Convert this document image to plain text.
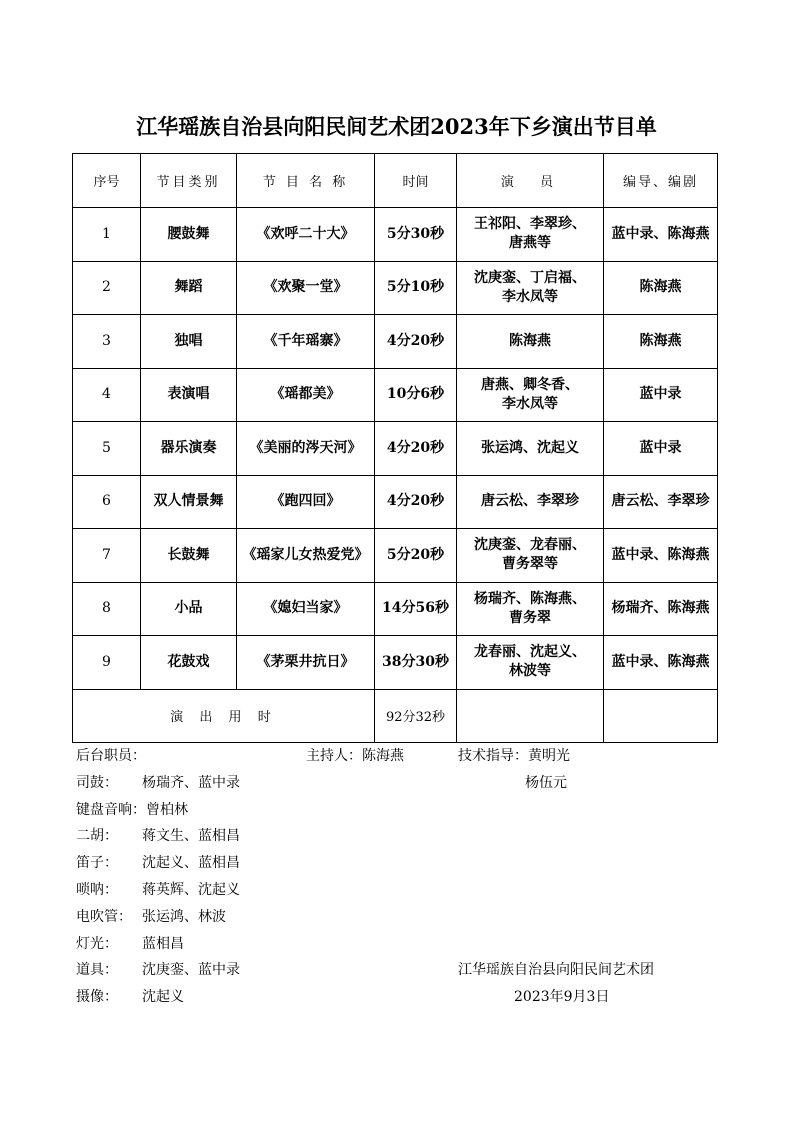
江华瑶族自治县向阳民间艺术团2023年下乡演出节目单
序号	节目类别	节 目 名 称	时间	演  员	编导、编剧
1	腰鼓舞	《欢呼二十大》	5分30秒	王祁阳、李翠珍、
唐燕等	蓝中录、陈海燕
2	舞蹈	《欢聚一堂》	5分10秒	沈庚銮、丁启福、
李水凤等	陈海燕
3	独唱	《千年瑶寨》	4分20秒	陈海燕	陈海燕
4	表演唱	《瑶都美》	10分6秒	唐燕、卿冬香、
李水凤等	蓝中录
5	器乐演奏	《美丽的涔天河》	4分20秒	张运鸿、沈起义	蓝中录
6	双人情景舞	《跑四回》	4分20秒	唐云松、李翠珍	唐云松、李翠珍
7	长鼓舞	《瑶家儿女热爱党》	5分20秒	沈庚銮、龙春丽、
曹务翠等	蓝中录、陈海燕
8	小品	《媳妇当家》	14分56秒	杨瑞齐、陈海燕、
曹务翠	杨瑞齐、陈海燕
9	花鼓戏	《茅栗井抗日》	38分30秒	龙春丽、沈起义、
林波等	蓝中录、陈海燕
演 出 用 时			92分32秒		
后台职员：	主持人：陈海燕	技术指导：黄明光
司鼓： 杨瑞齐、蓝中录	杨伍元
键盘音响：曾柏林
二胡： 蒋文生、蓝相昌
笛子： 沈起义、蓝相昌
唢呐： 蒋英辉、沈起义
电吹管： 张运鸿、林波
灯光： 蓝相昌
道具： 沈庚銮、蓝中录	江华瑶族自治县向阳民间艺术团
摄像： 沈起义	2023年9月3日
